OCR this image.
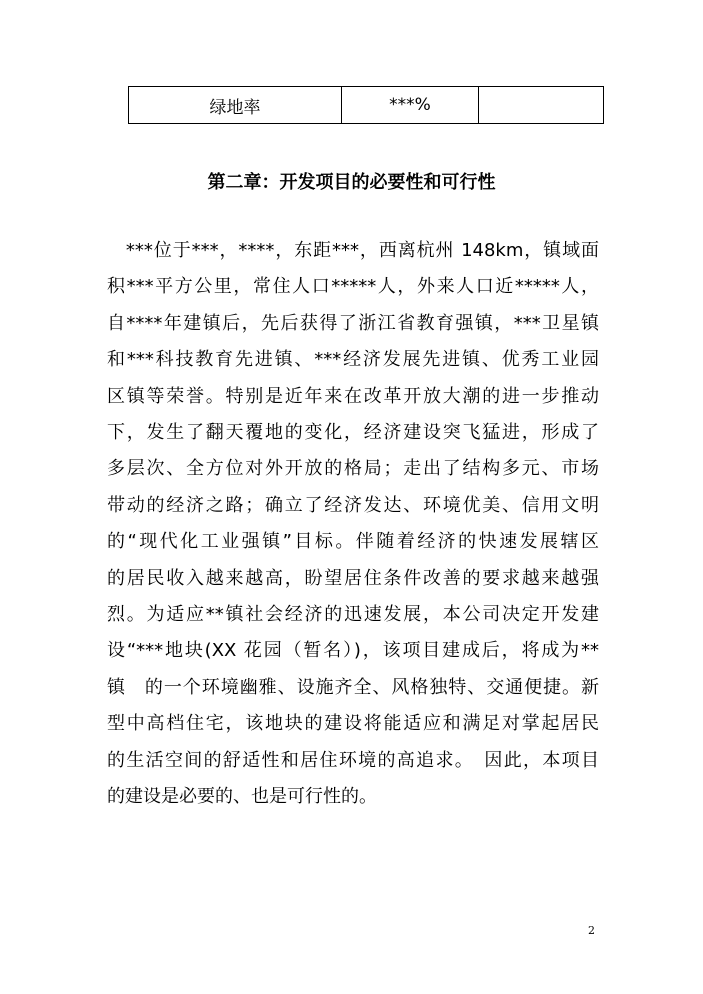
绿地率	***%	
第二章：开发项目的必要性和可行性
　***位于***，****，东距***，西离杭州 148km，镇域面
积***平方公里，常住人口*****人，外来人口近*****人，
自****年建镇后，先后获得了浙江省教育强镇，***卫星镇
和***科技教育先进镇、***经济发展先进镇、优秀工业园
区镇等荣誉。特别是近年来在改革开放大潮的进一步推动
下，发生了翻天覆地的变化，经济建设突飞猛进，形成了
多层次、全方位对外开放的格局；走出了结构多元、市场
带动的经济之路；确立了经济发达、环境优美、信用文明
的“现代化工业强镇”目标。伴随着经济的快速发展辖区
的居民收入越来越高，盼望居住条件改善的要求越来越强
烈。为适应**镇社会经济的迅速发展，本公司决定开发建
设“***地块(XX 花园（暂名）)，该项目建成后，将成为**
镇　的一个环境幽雅、设施齐全、风格独特、交通便捷。新
型中高档住宅，该地块的建设将能适应和满足对掌起居民
的生活空间的舒适性和居住环境的高追求。　因此，本项目
的建设是必要的、也是可行性的。
2
